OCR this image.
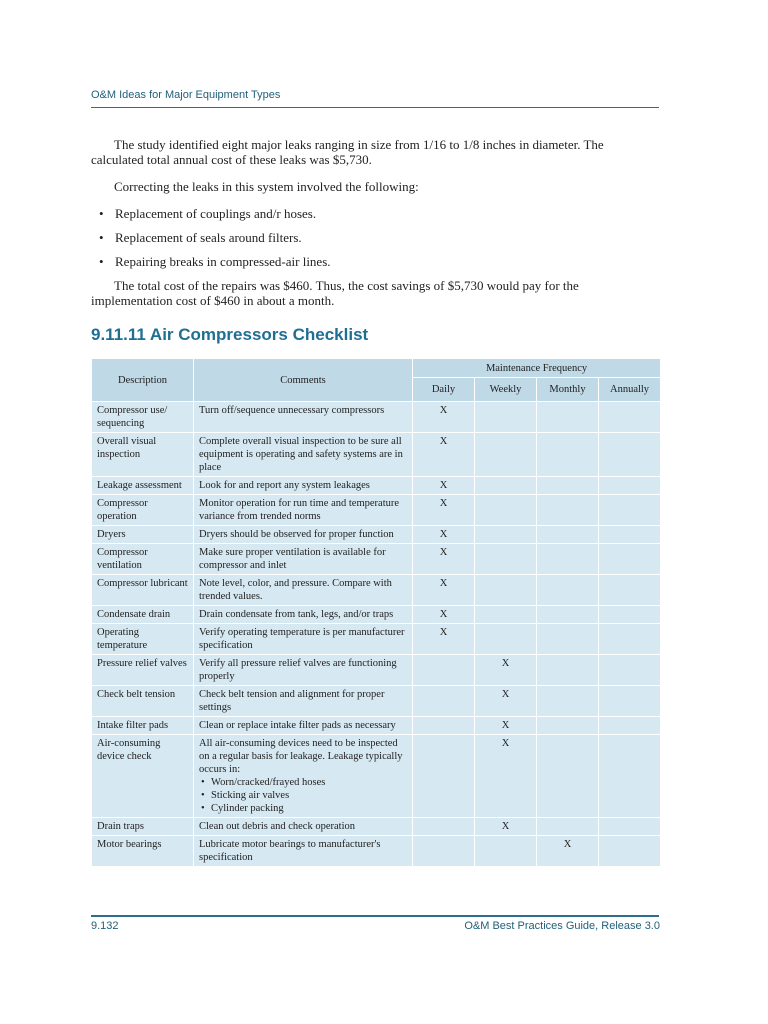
O&M Ideas for Major Equipment Types

The study identified eight major leaks ranging in size from 1/16 to 1/8 inches in diameter. The calculated total annual cost of these leaks was $5,730.

Correcting the leaks in this system involved the following:

• Replacement of couplings and/r hoses.
• Replacement of seals around filters.
• Repairing breaks in compressed-air lines.

The total cost of the repairs was $460. Thus, the cost savings of $5,730 would pay for the implementation cost of $460 in about a month.

9.11.11 Air Compressors Checklist
Description	Comments	Maintenance Frequency			
		Daily	Weekly	Monthly	Annually
Compressor use/ sequencing	Turn off/sequence unnecessary compressors	X			
Overall visual inspection	Complete overall visual inspection to be sure all equipment is operating and safety systems are in place	X			
Leakage assessment	Look for and report any system leakages	X			
Compressor operation	Monitor operation for run time and temperature variance from trended norms	X			
Dryers	Dryers should be observed for proper function	X			
Compressor ventilation	Make sure proper ventilation is available for compressor and inlet	X			
Compressor lubricant	Note level, color, and pressure. Compare with trended values.	X			
Condensate drain	Drain condensate from tank, legs, and/or traps	X			
Operating temperature	Verify operating temperature is per manufacturer specification	X			
Pressure relief valves	Verify all pressure relief valves are functioning properly		X		
Check belt tension	Check belt tension and alignment for proper settings		X		
Intake filter pads	Clean or replace intake filter pads as necessary		X		
Air-consuming device check	All air-consuming devices need to be inspected on a regular basis for leakage. Leakage typically occurs in:
• Worn/cracked/frayed hoses
• Sticking air valves
• Cylinder packing		X		
Drain traps	Clean out debris and check operation		X		
Motor bearings	Lubricate motor bearings to manufacturer's specification			X	
9.132	O&M Best Practices Guide, Release 3.0
